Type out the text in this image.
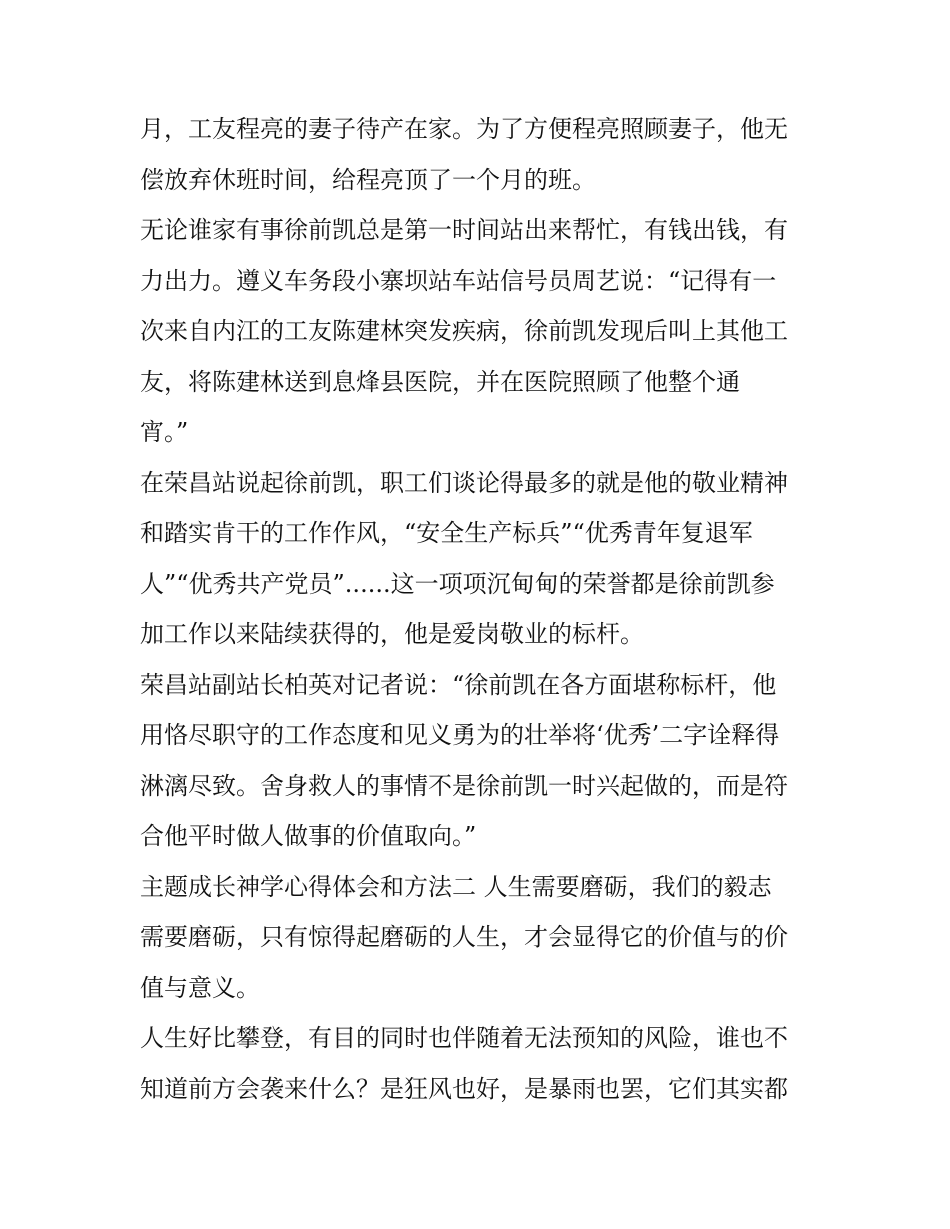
月，工友程亮的妻子待产在家。为了方便程亮照顾妻子，他无
偿放弃休班时间，给程亮顶了一个月的班。
无论谁家有事徐前凯总是第一时间站出来帮忙，有钱出钱，有
力出力。遵义车务段小寨坝站车站信号员周艺说：“记得有一
次来自内江的工友陈建林突发疾病，徐前凯发现后叫上其他工
友，将陈建林送到息烽县医院，并在医院照顾了他整个通
宵。”
在荣昌站说起徐前凯，职工们谈论得最多的就是他的敬业精神
和踏实肯干的工作作风，“安全生产标兵”“优秀青年复退军
人”“优秀共产党员”......这一项项沉甸甸的荣誉都是徐前凯参
加工作以来陆续获得的，他是爱岗敬业的标杆。
荣昌站副站长柏英对记者说：“徐前凯在各方面堪称标杆，他
用恪尽职守的工作态度和见义勇为的壮举将‘优秀’二字诠释得
淋漓尽致。舍身救人的事情不是徐前凯一时兴起做的，而是符
合他平时做人做事的价值取向。”
主题成长神学心得体会和方法二 人生需要磨砺，我们的毅志
需要磨砺，只有惊得起磨砺的人生，才会显得它的价值与的价
值与意义。
人生好比攀登，有目的同时也伴随着无法预知的风险，谁也不
知道前方会袭来什么？是狂风也好，是暴雨也罢，它们其实都
